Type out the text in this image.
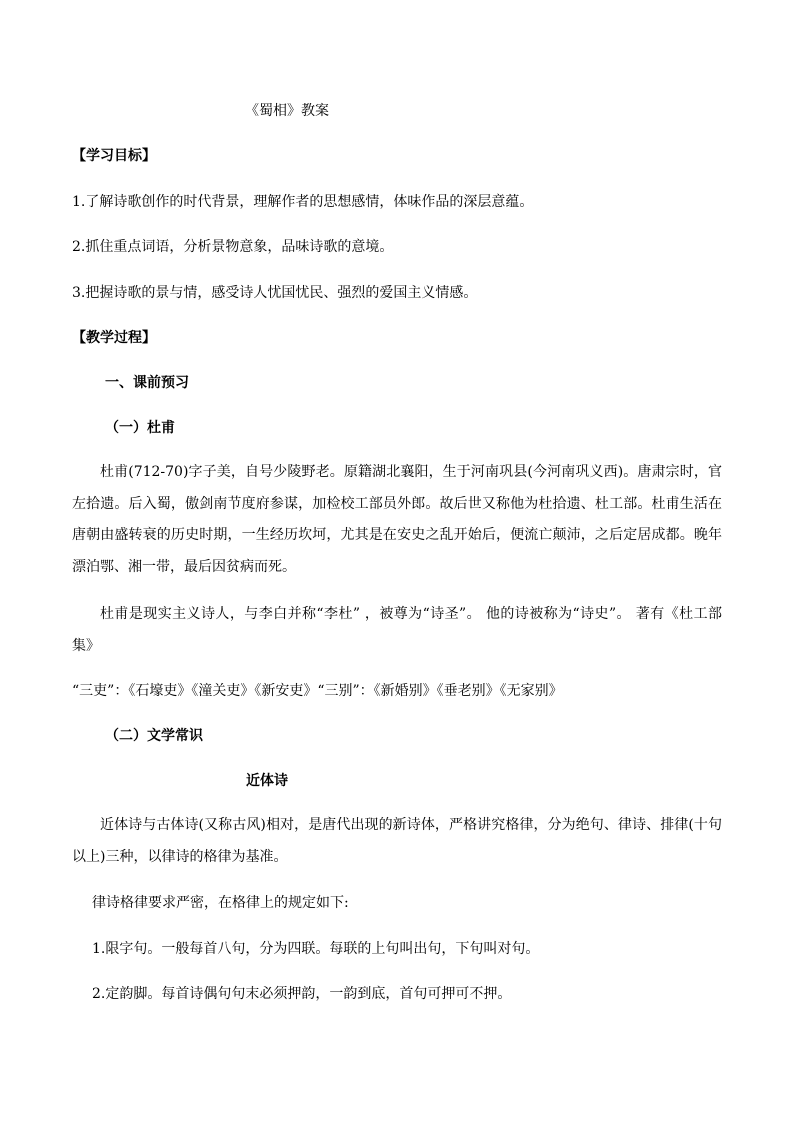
《蜀相》教案
【学习目标】
1.了解诗歌创作的时代背景，理解作者的思想感情，体味作品的深层意蕴。
2.抓住重点词语，分析景物意象，品味诗歌的意境。
3.把握诗歌的景与情，感受诗人忧国忧民、强烈的爱国主义情感。
【教学过程】
一、课前预习
（一）杜甫
杜甫(712-70)字子美，自号少陵野老。原籍湖北襄阳，生于河南巩县(今河南巩义西)。唐肃宗时，官左拾遗。后入蜀，傲剑南节度府参谋，加检校工部员外郎。故后世又称他为杜拾遗、杜工部。杜甫生活在唐朝由盛转衰的历史时期，一生经历坎坷，尤其是在安史之乱开始后，便流亡颠沛，之后定居成都。晚年漂泊鄂、湘一带，最后因贫病而死。
杜甫是现实主义诗人，与李白并称“李杜” ，被尊为“诗圣”。 他的诗被称为“诗史”。 著有《杜工部集》
“三吏”：《石壕吏》《潼关吏》《新安吏》“三别”：《新婚别》《垂老别》《无家别》
（二）文学常识
近体诗
近体诗与古体诗(又称古风)相对，是唐代出现的新诗体，严格讲究格律，分为绝句、律诗、排律(十句以上)三种，以律诗的格律为基准。
律诗格律要求严密，在格律上的规定如下:
1.限字句。一般每首八句，分为四联。每联的上句叫出句，下句叫对句。
2.定韵脚。每首诗偶句句末必须押韵，一韵到底，首句可押可不押。
